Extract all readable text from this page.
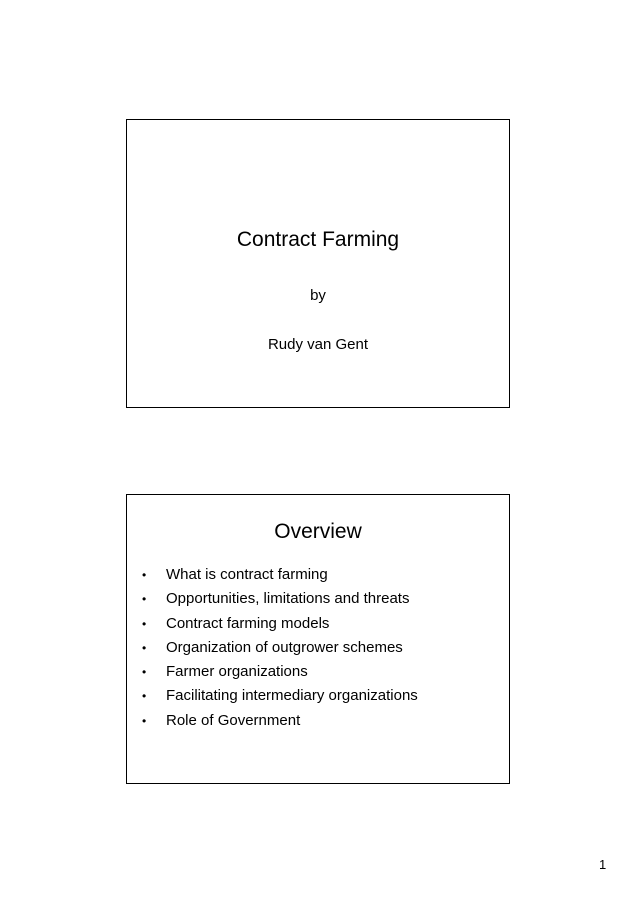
Contract Farming
by
Rudy van Gent
Overview
•	What is contract farming
•	Opportunities, limitations and threats
•	Contract farming models
•	Organization of outgrower schemes
•	Farmer organizations
•	Facilitating intermediary organizations
•	Role of Government
1
